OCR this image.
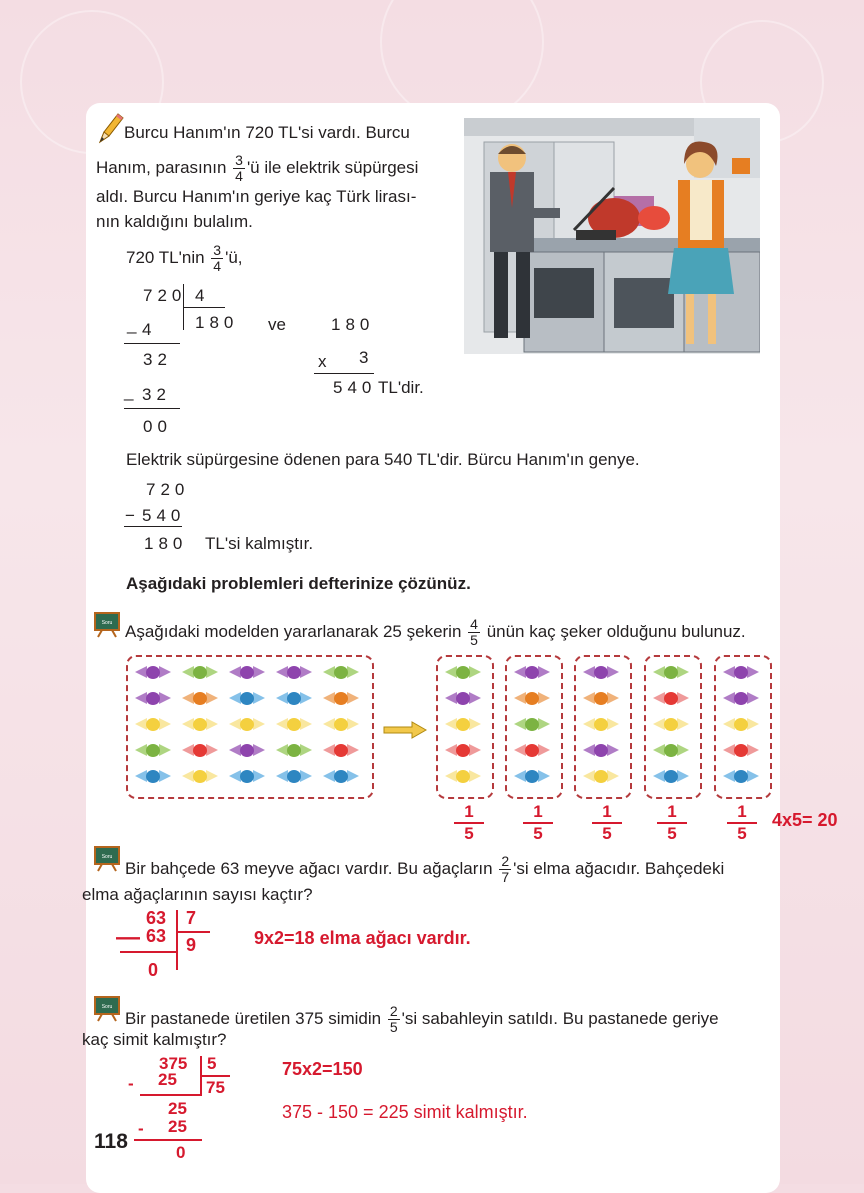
Burcu Hanım'ın 720 TL'si vardı. Burcu
Hanım, parasının $\frac{3}{4}$ 'ü ile elektrik süpürgesi
aldı. Burcu Hanım'ın geriye kaç Türk lirası-
nın kaldığını bulalım.
720 $TL'nin \frac{3}{4}$ 'ü,
720 4
180
_ 4
32
_ 32
00
ve	180
x 3
540 TL'dir.
Elektrik süpürgesine ödenen para 540 TL'dir. Bürcu Hanım'ın genye.
720
− 540
180 TL'si kalmıştır.
Aşağıdaki problemleri defterinize çözünüz.
Soru Aşağıdaki modelden yararlanarak 25 şekerin $\frac{4}{5}$ ünün kaç şeker olduğunu bulunuz.
$\frac{1}{5} \frac{1}{5} \frac{1}{5} \frac{1}{5} \frac{1}{5} 4x5= 20$
Soru
Bir bahçede 63 meyve ağacı vardır. Bu ağaçların $\frac{2}{7}$ 'si elma ağacıdır. Bahçedeki
elma ağaçlarının sayısı kaçtır?
63 7
— 63 9
0
9x2=18 elma ağacı vardır.
Soru
Bir pastanede üretilen 375 simidin $\frac{2}{5}$ 'si sabahleyin satıldı. Bu pastanede geriye
kaç simit kalmıştır?
375 5
- 25 75
25
- 25
0
75x2=150
375 - 150 = 225 simit kalmıştır.
118
